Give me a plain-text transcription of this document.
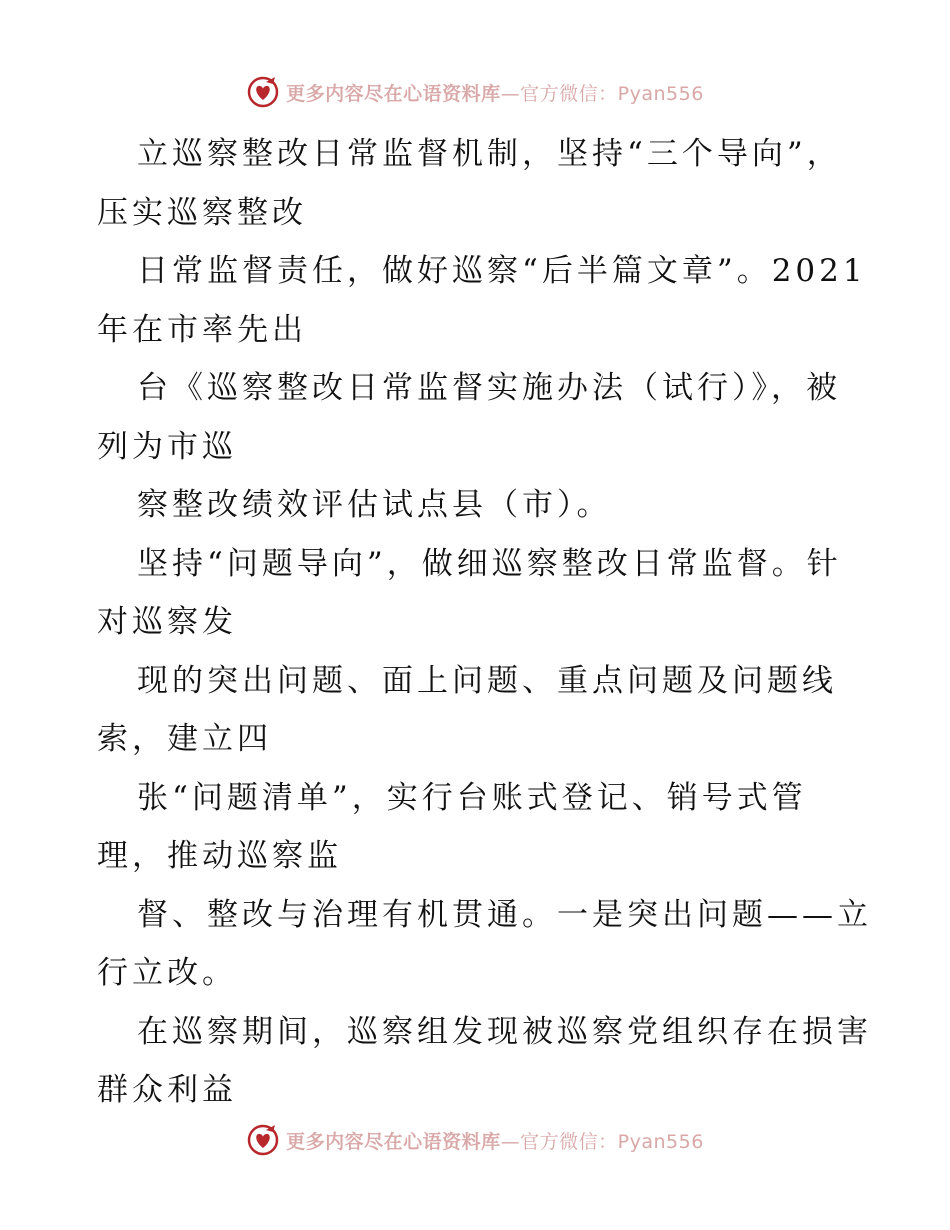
更多内容尽在心语资料库—官方微信：Pyan556
立巡察整改日常监督机制，坚持“三个导向”，
压实巡察整改
日常监督责任，做好巡察“后半篇文章”。2021
年在市率先出
台《巡察整改日常监督实施办法（试行）》，被
列为市巡
察整改绩效评估试点县（市）。
坚持“问题导向”，做细巡察整改日常监督。针
对巡察发
现的突出问题、面上问题、重点问题及问题线
索，建立四
张“问题清单”，实行台账式登记、销号式管
理，推动巡察监
督、整改与治理有机贯通。一是突出问题——立
行立改。
在巡察期间，巡察组发现被巡察党组织存在损害
群众利益
更多内容尽在心语资料库—官方微信：Pyan556
